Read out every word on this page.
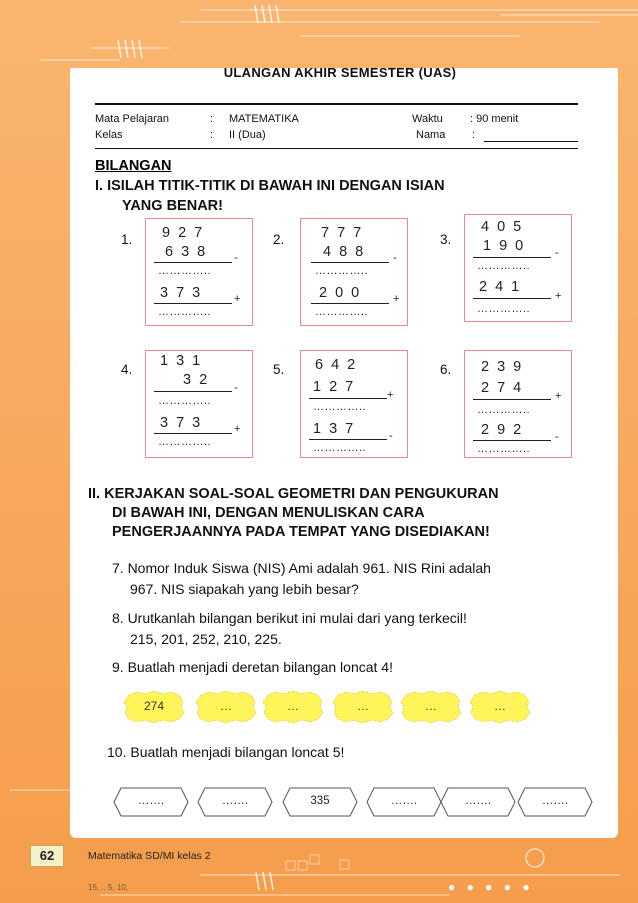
ULANGAN AKHIR SEMESTER (UAS)
Mata Pelajaran	: MATEMATIKA	Waktu : 90 menit
Kelas	: II (Dua)	Nama :
BILANGAN
I. ISILAH TITIK-TITIK DI BAWAH INI DENGAN ISIAN
YANG BENAR!
1. 9 2 7
6 3 8 -
…………..
3 7 3	+
…………..
2.	7 7 7
4 8 8	-
…………..
2 0 0	+
…………..
3.
4 0 5
1 9 0	-
…………..
2 4 1
+
…………..
4.
1 3 1
3 2 -
…………..
3 7 3	+
…………..
5. 6 4 2
1 2 7	+
…………..
1 3 7	-
…………..
6. 2 3 9
2 7 4	+
…………..
2 9 2	-
…………..
II. KERJAKAN SOAL-SOAL GEOMETRI DAN PENGUKURAN
DI BAWAH INI, DENGAN MENULISKAN CARA
PENGERJAANNYA PADA TEMPAT YANG DISEDIAKAN!
7. Nomor Induk Siswa (NIS) Ami adalah 961. NIS Rini adalah
967. NIS siapakah yang lebih besar?
8. Urutkanlah bilangan berikut ini mulai dari yang terkecil!
215, 201, 252, 210, 225.
9. Buatlah menjadi deretan bilangan loncat 4!
274	…	…	…	…	…
10. Buatlah menjadi bilangan loncat 5!
…….	…….	335	…….	…….	…….
62	Matematika SD/MI kelas 2
15, .. 5, 10,	● ● ● ● ●
